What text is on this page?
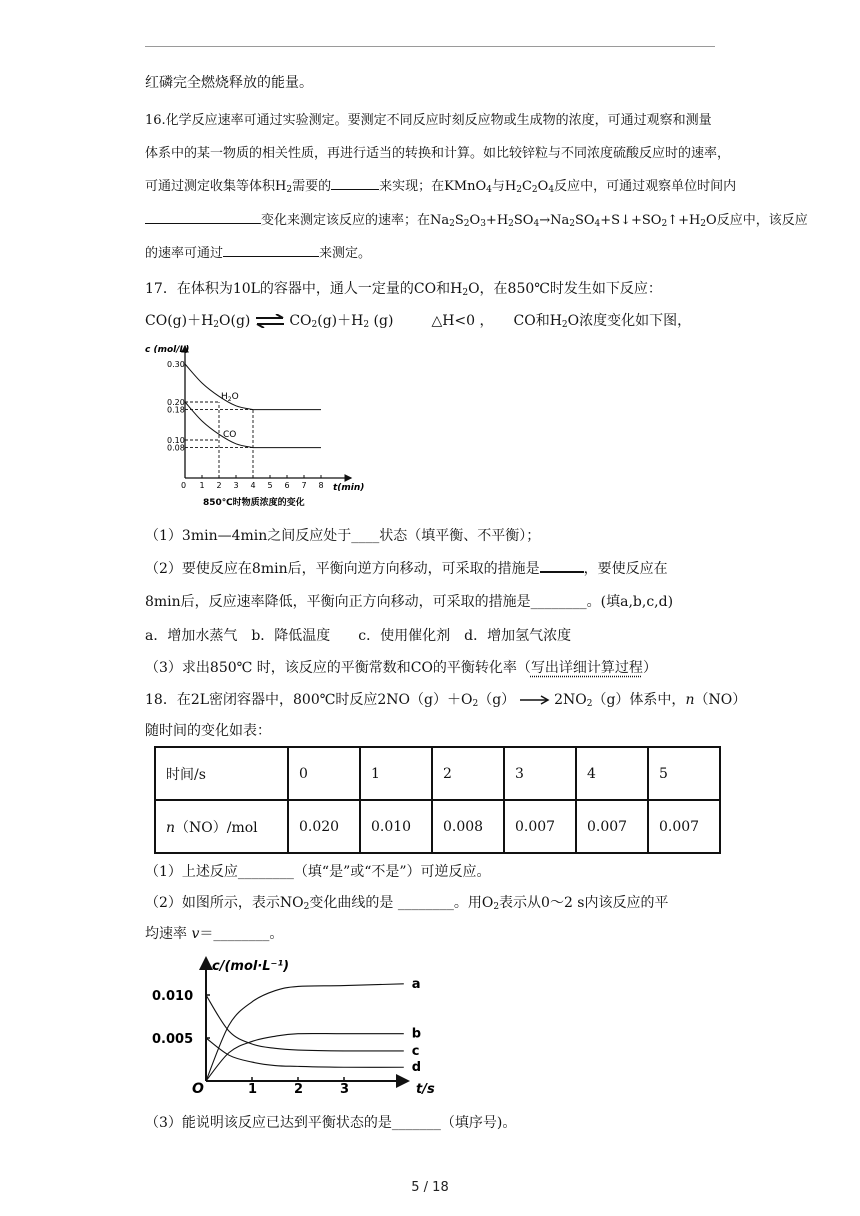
红磷完全燃烧释放的能量。
16.化学反应速率可通过实验测定。要测定不同反应时刻反应物或生成物的浓度，可通过观察和测量
体系中的某一物质的相关性质，再进行适当的转换和计算。如比较锌粒与不同浓度硫酸反应时的速率，
可通过测定收集等体积$H_2$需要的	来实现；在KMnO$_4$与$H_2C_2O_4$反应中，可通过观察单位时间内
变化来测定该反应的速率；在$Na_2S_2O_3+H_2SO_4\to Na_2SO_4+S↓+SO_2↑+H_2O$反应中，该反应
的速率可通过	来测定。
17．在体积为10L的容器中，通人一定量的CO和$H_2O$，在850℃时发生如下反应：
$CO(g)+H_2O(g)$ ⇌ $CO_2(g)+H_2$ (g)	△H<0 ， CO和$H_2O$浓度变化如下图，
c (mol/L)
t(min)
0 1 2 3 4 5 6 7 8
0.30
0.20
0.18
0.10
0.08
$H_2O$
CO
850℃时物质浓度的变化
（1）3min—4min之间反应处于____状态（填平衡、不平衡）；
（2）要使反应在8min后，平衡向逆方向移动，可采取的措施是	，要使反应在
8min后，反应速率降低，平衡向正方向移动，可采取的措施是________。(填a,b,c,d)
a．增加水蒸气　b．降低温度　　c．使用催化剂　d．增加氢气浓度
（3）求出850℃ 时，该反应的平衡常数和CO的平衡转化率（写出详细计算过程）
18．在2L密闭容器中，800℃时反应$2NO(g)+O_2(g) \to 2NO_2(g)$体系中，n（NO）
随时间的变化如表：
时间/s	0	1	2	3	4	5
n（NO）/mol	0.020	0.010	0.008	0.007	0.007	0.007
（1）上述反应________（填“是”或“不是”）可逆反应。
（2）如图所示，表示$NO_2$变化曲线的是 ________。用$O_2$表示从0～2 s内该反应的平
均速率 v＝________。
c/(mol·L⁻¹)
t/s
O	1	2	3
0.010
0.005
a
b
c
d
（3）能说明该反应已达到平衡状态的是_______（填序号)。
5 / 18
